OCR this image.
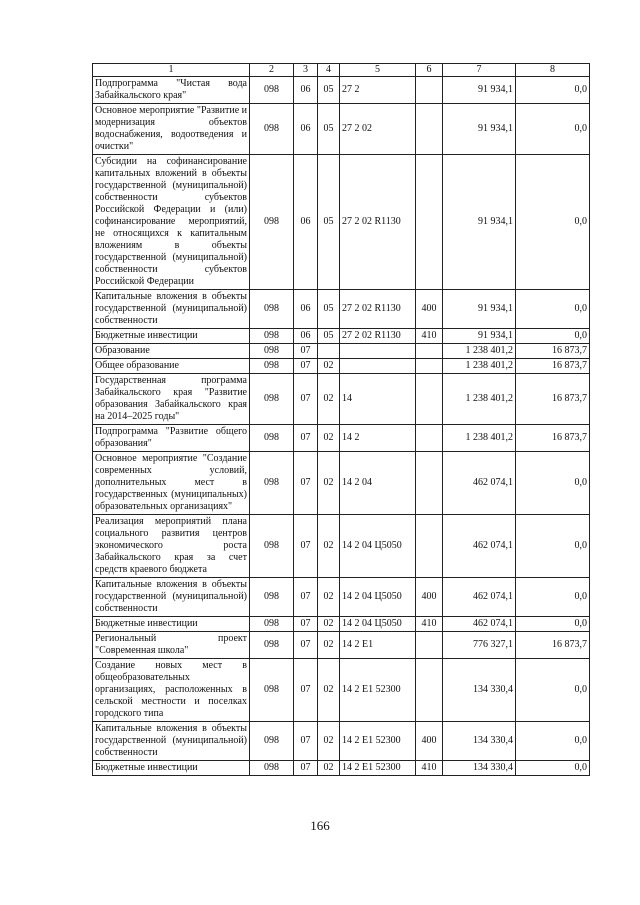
1	2	3	4	5	6	7	8
Подпрограмма "Чистая вода Забайкальского края"	098	06	05	27 2		91 934,1	0,0
Основное мероприятие "Развитие и модернизация объектов водоснабжения, водоотведения и очистки"	098	06	05	27 2 02		91 934,1	0,0
Субсидии на софинансирование капитальных вложений в объекты государственной (муниципальной) собственности субъектов Российской Федерации и (или) софинансирование мероприятий, не относящихся к капитальным вложениям в объекты государственной (муниципальной) собственности субъектов Российской Федерации	098	06	05	27 2 02 R1130		91 934,1	0,0
Капитальные вложения в объекты государственной (муниципальной) собственности	098	06	05	27 2 02 R1130	400	91 934,1	0,0
Бюджетные инвестиции	098	06	05	27 2 02 R1130	410	91 934,1	0,0
Образование	098	07				1 238 401,2	16 873,7
Общее образование	098	07	02			1 238 401,2	16 873,7
Государственная программа Забайкальского края "Развитие образования Забайкальского края на 2014–2025 годы"	098	07	02	14		1 238 401,2	16 873,7
Подпрограмма "Развитие общего образования"	098	07	02	14 2		1 238 401,2	16 873,7
Основное мероприятие "Создание современных условий, дополнительных мест в государственных (муниципальных) образовательных организациях"	098	07	02	14 2 04		462 074,1	0,0
Реализация мероприятий плана социального развития центров экономического роста Забайкальского края за счет средств краевого бюджета	098	07	02	14 2 04 Ц5050		462 074,1	0,0
Капитальные вложения в объекты государственной (муниципальной) собственности	098	07	02	14 2 04 Ц5050	400	462 074,1	0,0
Бюджетные инвестиции	098	07	02	14 2 04 Ц5050	410	462 074,1	0,0
Региональный проект "Современная школа"	098	07	02	14 2 E1		776 327,1	16 873,7
Создание новых мест в общеобразовательных организациях, расположенных в сельской местности и поселках городского типа	098	07	02	14 2 E1 52300		134 330,4	0,0
Капитальные вложения в объекты государственной (муниципальной) собственности	098	07	02	14 2 E1 52300	400	134 330,4	0,0
Бюджетные инвестиции	098	07	02	14 2 E1 52300	410	134 330,4	0,0
166
